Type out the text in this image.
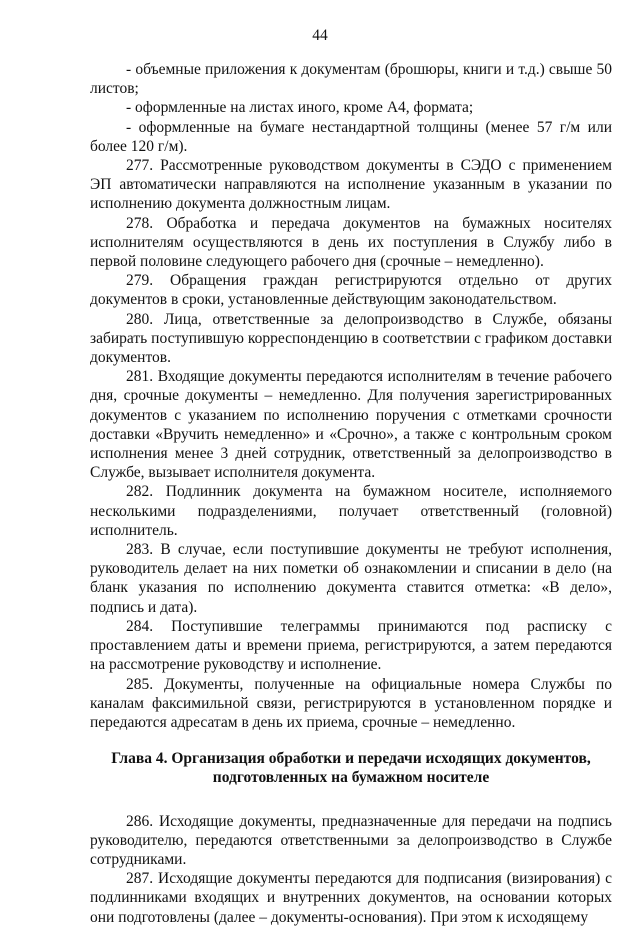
44

- объемные приложения к документам (брошюры, книги и т.д.) свыше 50 листов;

- оформленные на листах иного, кроме А4, формата;

- оформленные на бумаге нестандартной толщины (менее 57 г/м или более 120 г/м).

277. Рассмотренные руководством документы в СЭДО с применением ЭП автоматически направляются на исполнение указанным в указании по исполнению документа должностным лицам.

278. Обработка и передача документов на бумажных носителях исполнителям осуществляются в день их поступления в Службу либо в первой половине следующего рабочего дня (срочные – немедленно).

279. Обращения граждан регистрируются отдельно от других документов в сроки, установленные действующим законодательством.

280. Лица, ответственные за делопроизводство в Службе, обязаны забирать поступившую корреспонденцию в соответствии с графиком доставки документов.

281. Входящие документы передаются исполнителям в течение рабочего дня, срочные документы – немедленно. Для получения зарегистрированных документов с указанием по исполнению поручения с отметками срочности доставки «Вручить немедленно» и «Срочно», а также с контрольным сроком исполнения менее 3 дней сотрудник, ответственный за делопроизводство в Службе, вызывает исполнителя документа.

282. Подлинник документа на бумажном носителе, исполняемого несколькими подразделениями, получает ответственный (головной) исполнитель.

283. В случае, если поступившие документы не требуют исполнения, руководитель делает на них пометки об ознакомлении и списании в дело (на бланк указания по исполнению документа ставится отметка: «В дело», подпись и дата).

284. Поступившие телеграммы принимаются под расписку с проставлением даты и времени приема, регистрируются, а затем передаются на рассмотрение руководству и исполнение.

285. Документы, полученные на официальные номера Службы по каналам факсимильной связи, регистрируются в установленном порядке и передаются адресатам в день их приема, срочные – немедленно.

Глава 4. Организация обработки и передачи исходящих документов,
подготовленных на бумажном носителе

286. Исходящие документы, предназначенные для передачи на подпись руководителю, передаются ответственными за делопроизводство в Службе сотрудниками.

287. Исходящие документы передаются для подписания (визирования) с подлинниками входящих и внутренних документов, на основании которых они подготовлены (далее – документы-основания). При этом к исходящему
